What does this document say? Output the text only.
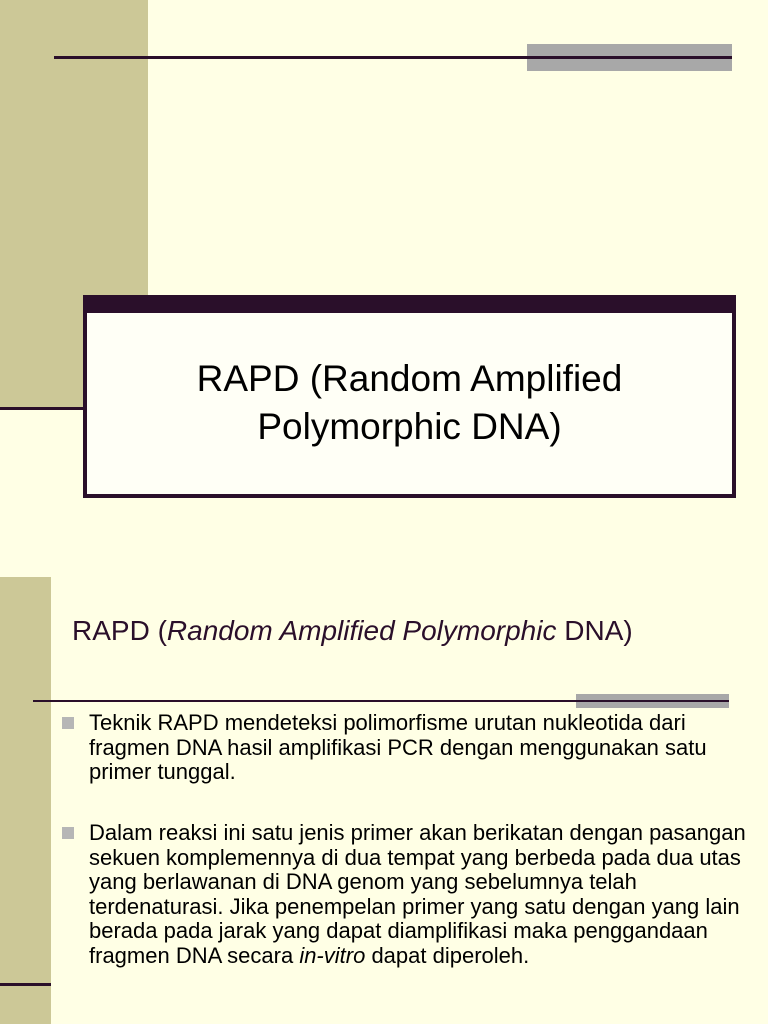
RAPD (Random Amplified
Polymorphic DNA)
RAPD (Random Amplified Polymorphic DNA)
Teknik RAPD mendeteksi polimorfisme urutan nukleotida dari fragmen DNA hasil amplifikasi PCR dengan menggunakan satu primer tunggal.
Dalam reaksi ini satu jenis primer akan berikatan dengan pasangan sekuen komplemennya di dua tempat yang berbeda pada dua utas yang berlawanan di DNA genom yang sebelumnya telah terdenaturasi. Jika penempelan primer yang satu dengan yang lain berada pada jarak yang dapat diamplifikasi maka penggandaan fragmen DNA secara in-vitro dapat diperoleh.
